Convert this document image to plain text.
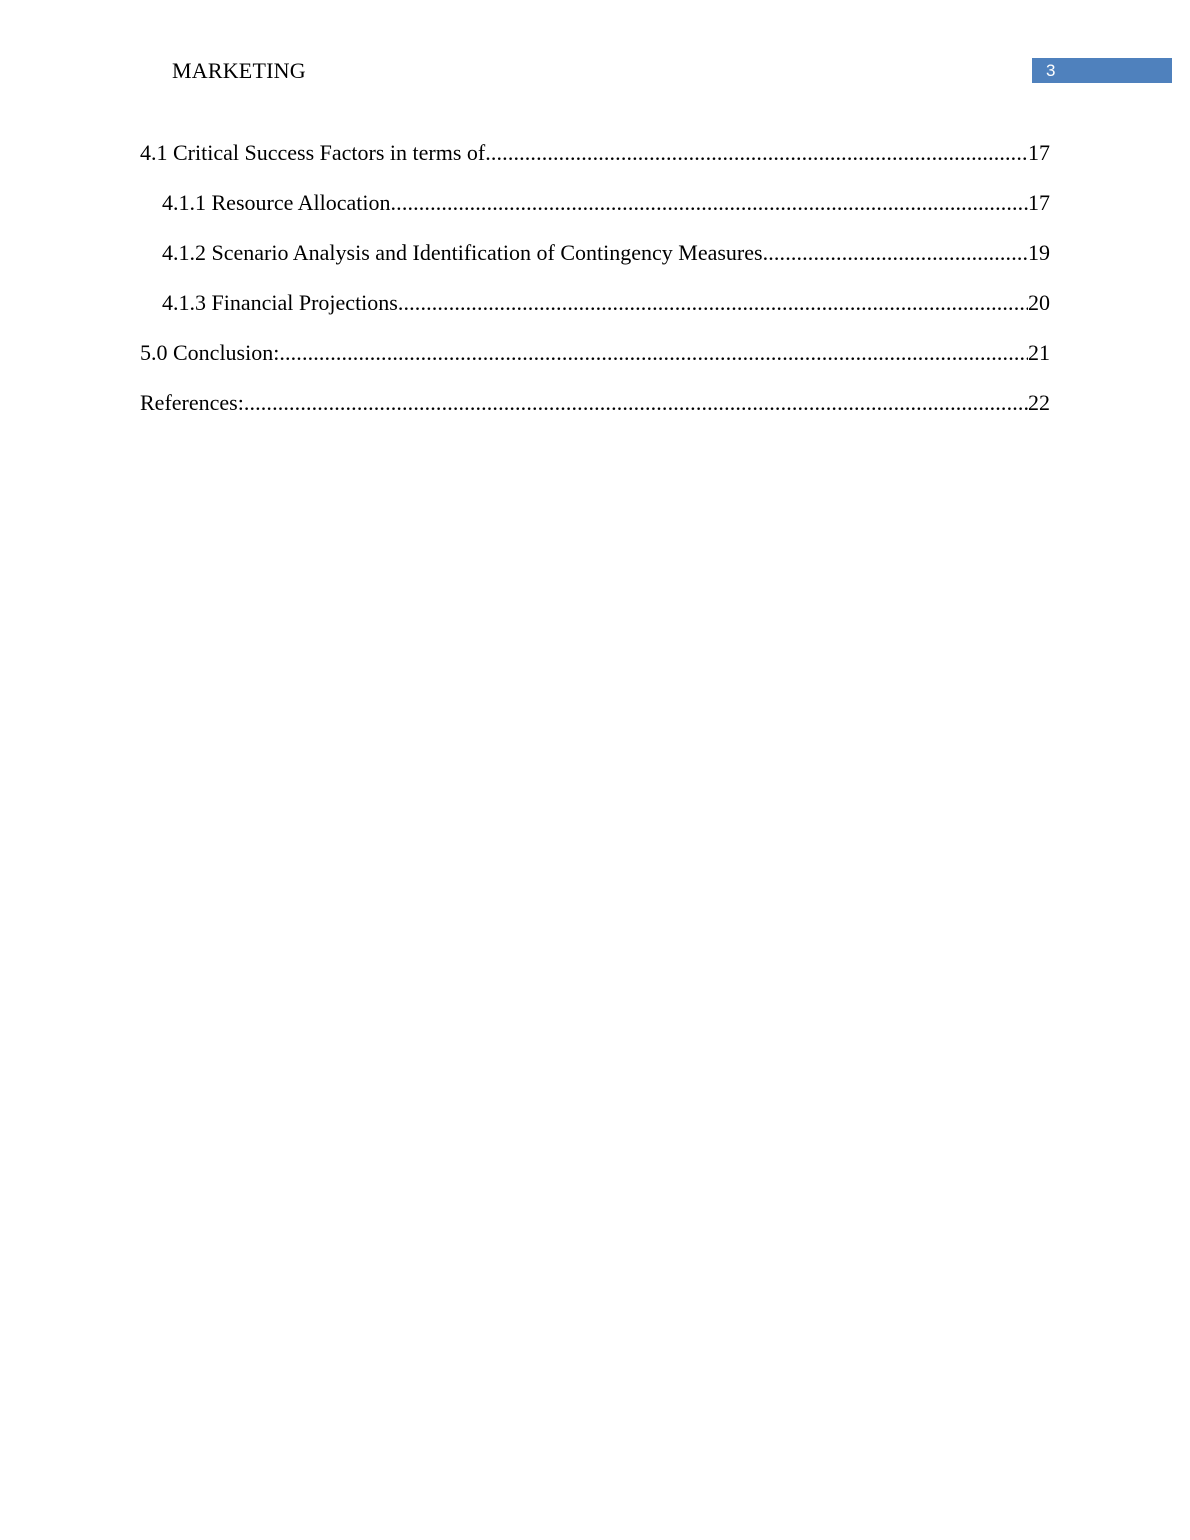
MARKETING	3
4.1 Critical Success Factors in terms of .....	17
4.1.1 Resource Allocation .....	17
4.1.2 Scenario Analysis and Identification of Contingency Measures .....	19
4.1.3 Financial Projections .....	20
5.0 Conclusion: .....	21
References: .....	22
